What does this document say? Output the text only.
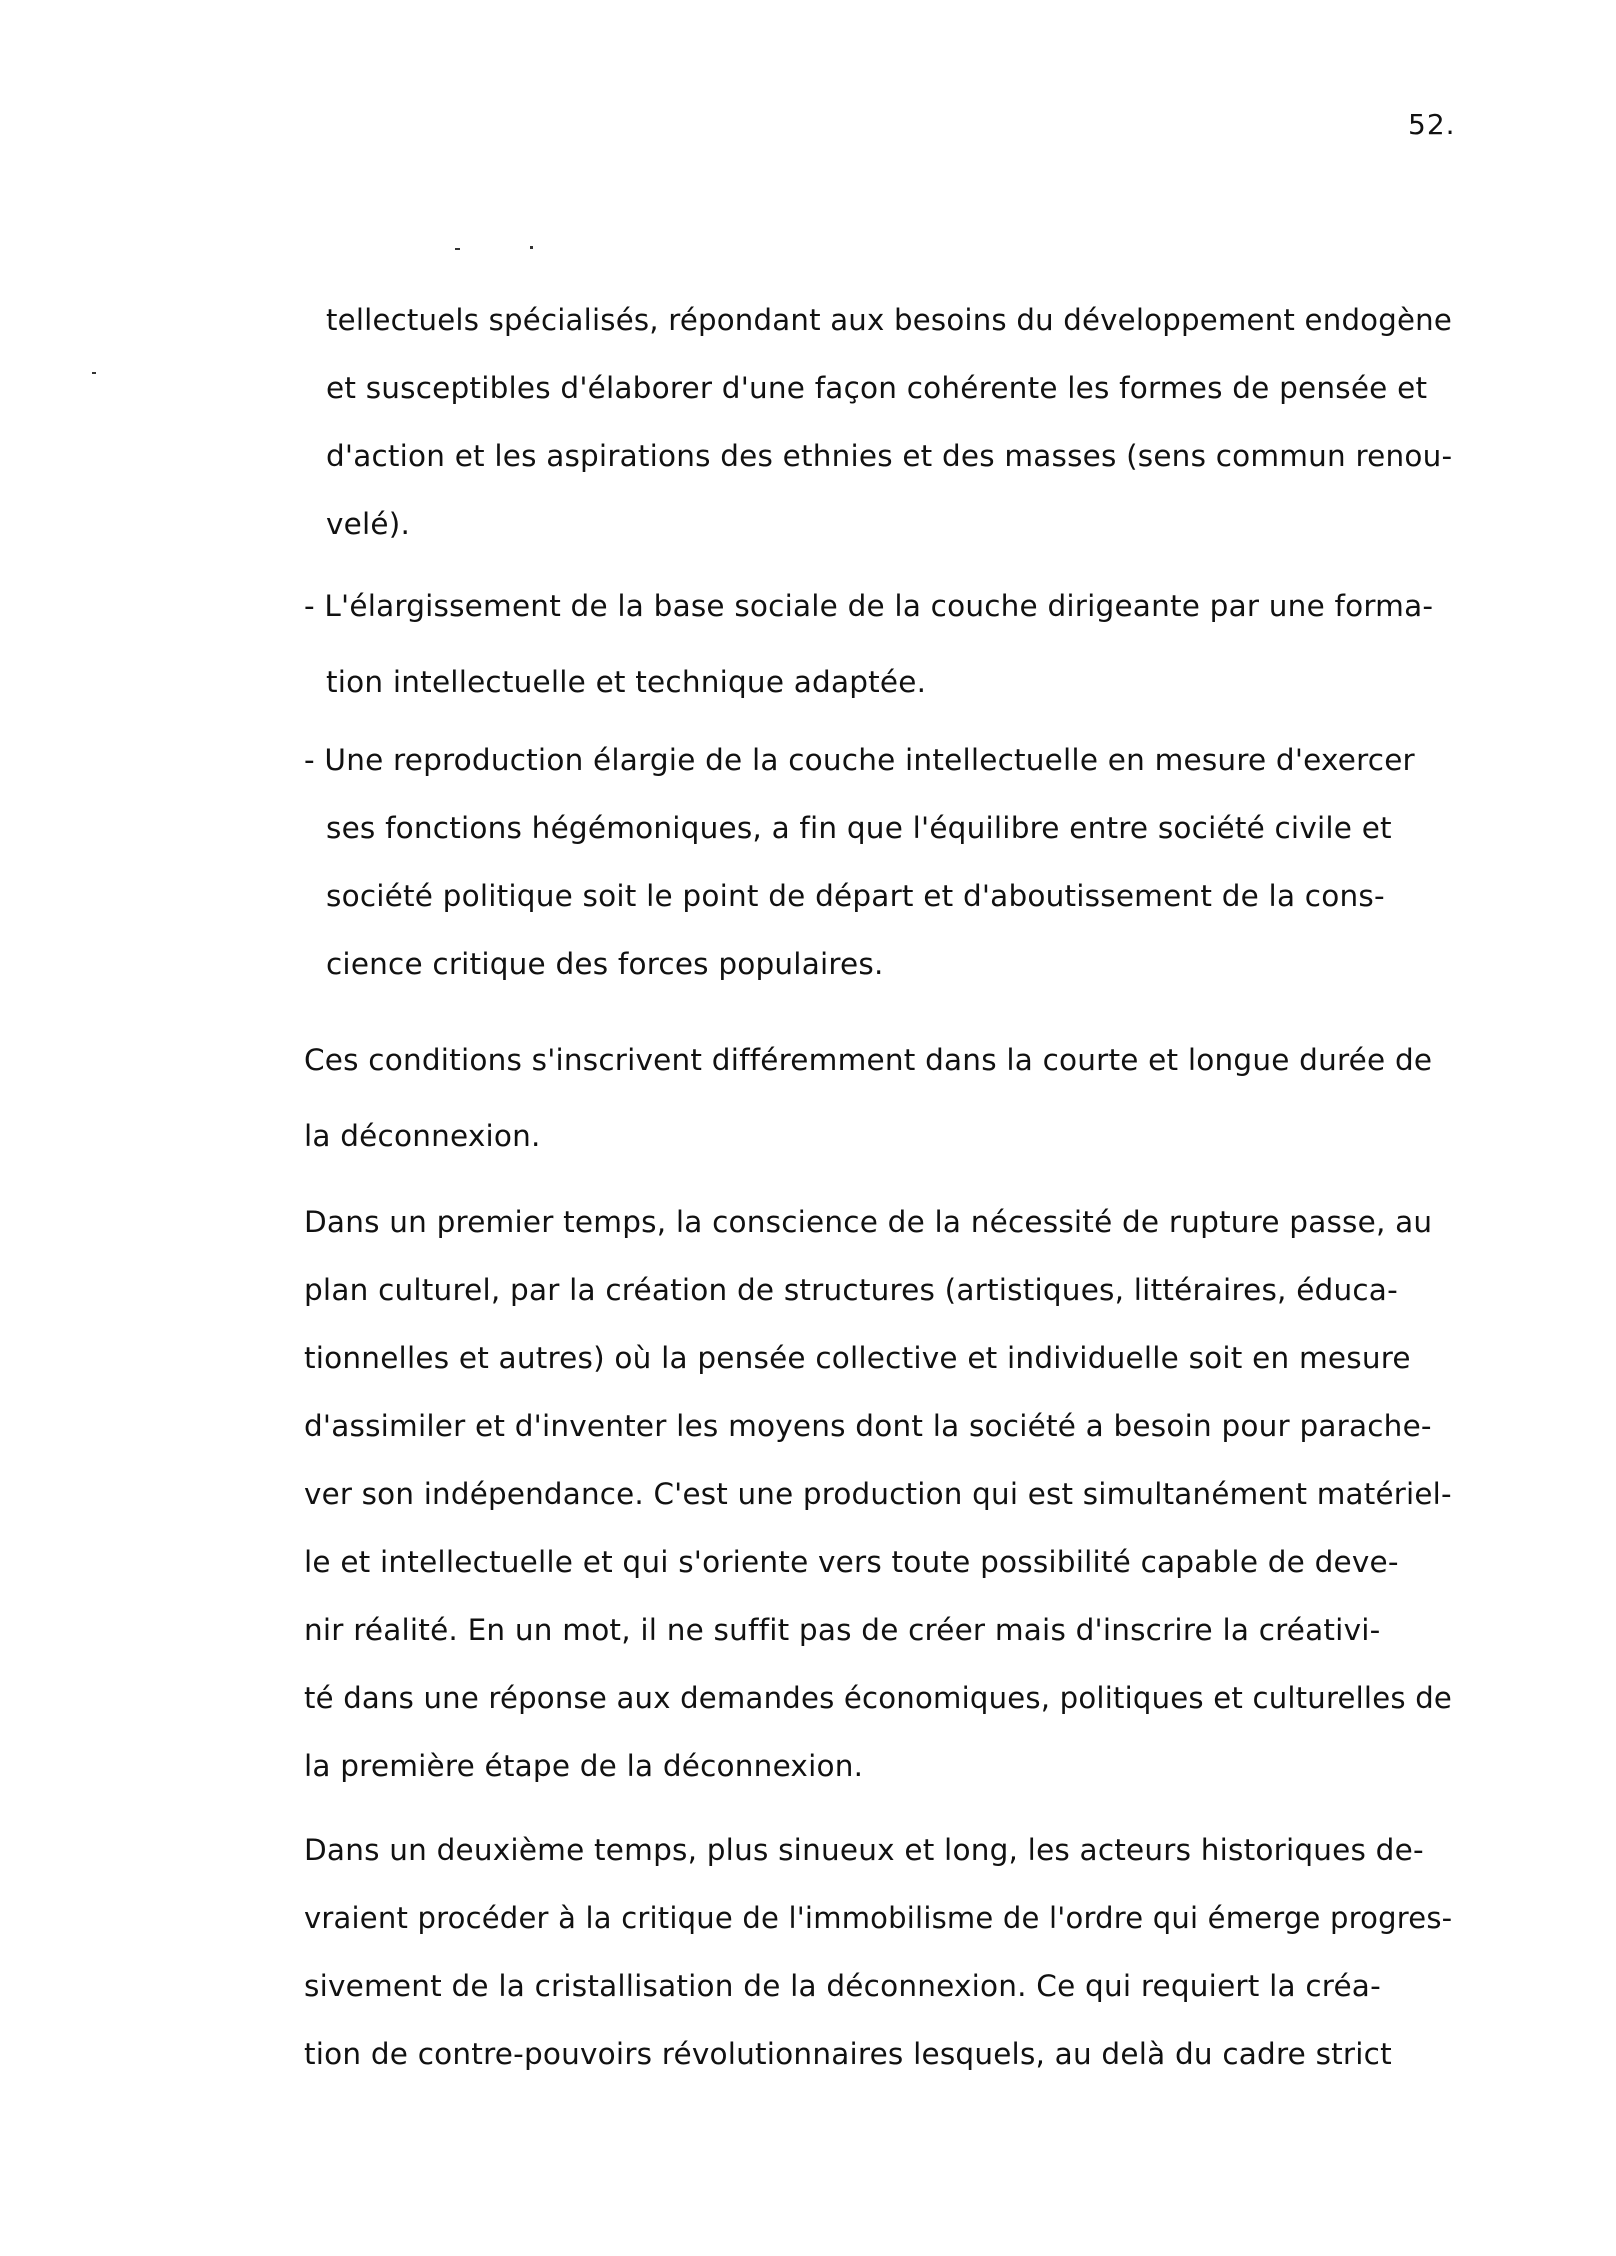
52.
tellectuels spécialisés, répondant aux besoins du développement endogène
et susceptibles d'élaborer d'une façon cohérente les formes de pensée et
d'action et les aspirations des ethnies et des masses (sens commun renou-
velé).
- L'élargissement de la base sociale de la couche dirigeante par une forma-
tion intellectuelle et technique adaptée.
- Une reproduction élargie de la couche intellectuelle en mesure d'exercer
ses fonctions hégémoniques, a fin que l'équilibre entre société civile et
société politique soit le point de départ et d'aboutissement de la cons-
cience critique des forces populaires.
Ces conditions s'inscrivent différemment dans la courte et longue durée de
la déconnexion.
Dans un premier temps, la conscience de la nécessité de rupture passe, au
plan culturel, par la création de structures (artistiques, littéraires, éduca-
tionnelles et autres) où la pensée collective et individuelle soit en mesure
d'assimiler et d'inventer les moyens dont la société a besoin pour parache-
ver son indépendance. C'est une production qui est simultanément matériel-
le et intellectuelle et qui s'oriente vers toute possibilité capable de deve-
nir réalité. En un mot, il ne suffit pas de créer mais d'inscrire la créativi-
té dans une réponse aux demandes économiques, politiques et culturelles de
la première étape de la déconnexion.
Dans un deuxième temps, plus sinueux et long, les acteurs historiques de-
vraient procéder à la critique de l'immobilisme de l'ordre qui émerge progres-
sivement de la cristallisation de la déconnexion. Ce qui requiert la créa-
tion de contre-pouvoirs révolutionnaires lesquels, au delà du cadre strict
